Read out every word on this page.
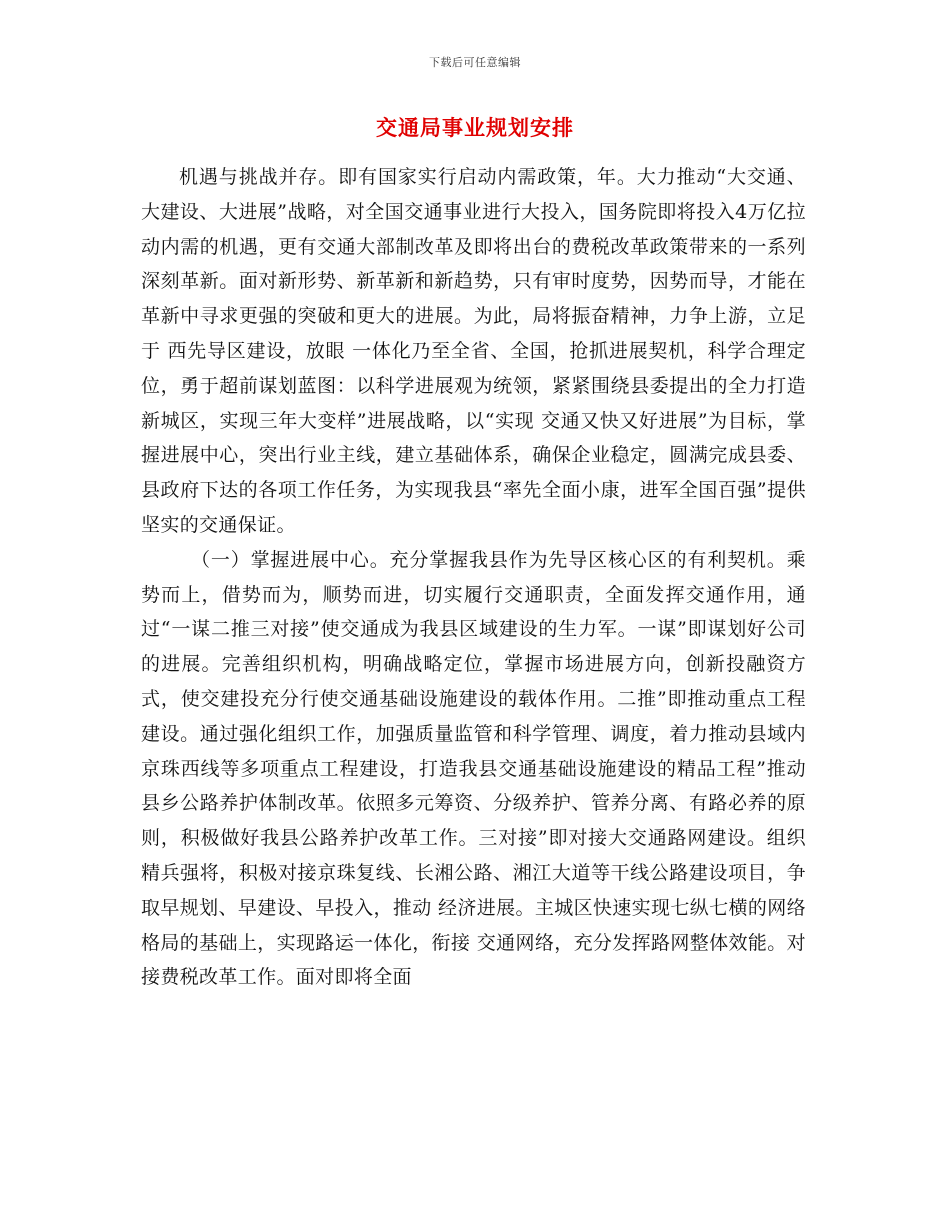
下载后可任意编辑
交通局事业规划安排

机遇与挑战并存。即有国家实行启动内需政策，年。大力推动“大交通、大建设、大进展”战略，对全国交通事业进行大投入，国务院即将投入4万亿拉动内需的机遇，更有交通大部制改革及即将出台的费税改革政策带来的一系列深刻革新。面对新形势、新革新和新趋势，只有审时度势，因势而导，才能在革新中寻求更强的突破和更大的进展。为此，局将振奋精神，力争上游，立足于 西先导区建设，放眼 一体化乃至全省、全国，抢抓进展契机，科学合理定位，勇于超前谋划蓝图：以科学进展观为统领，紧紧围绕县委提出的全力打造新城区，实现三年大变样”进展战略，以“实现 交通又快又好进展”为目标，掌握进展中心，突出行业主线，建立基础体系，确保企业稳定，圆满完成县委、县政府下达的各项工作任务，为实现我县“率先全面小康，进军全国百强”提供坚实的交通保证。

（一）掌握进展中心。充分掌握我县作为先导区核心区的有利契机。乘势而上，借势而为，顺势而进，切实履行交通职责，全面发挥交通作用，通过“一谋二推三对接”使交通成为我县区域建设的生力军。一谋”即谋划好公司的进展。完善组织机构，明确战略定位，掌握市场进展方向，创新投融资方式，使交建投充分行使交通基础设施建设的载体作用。二推”即推动重点工程建设。通过强化组织工作，加强质量监管和科学管理、调度，着力推动县域内京珠西线等多项重点工程建设，打造我县交通基础设施建设的精品工程”推动县乡公路养护体制改革。依照多元筹资、分级养护、管养分离、有路必养的原则，积极做好我县公路养护改革工作。三对接”即对接大交通路网建设。组织精兵强将，积极对接京珠复线、长湘公路、湘江大道等干线公路建设项目，争取早规划、早建设、早投入，推动 经济进展。主城区快速实现七纵七横的网络格局的基础上，实现路运一体化，衔接 交通网络，充分发挥路网整体效能。对接费税改革工作。面对即将全面
